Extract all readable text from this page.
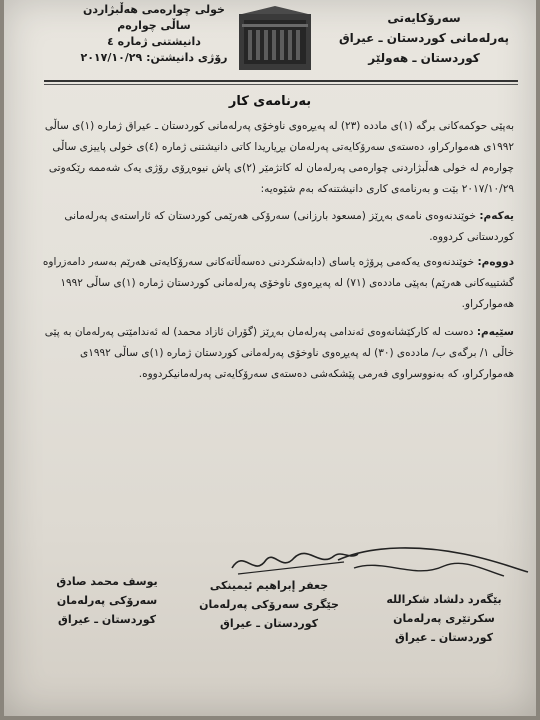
سەرۆکایەتی
پەرلەمانی کوردستان ـ عیراق
کوردستان ـ هەولێر
خولی چوارەمی هەڵبژاردن
ساڵی چوارەم
دانیشتنی ژمارە ٤
رۆژی دانیشتن: ٢٠١٧/١٠/٢٩
بەرنامەی کار
بەپێی حوکمەکانی برگە (١)ی ماددە (٢٣) لە پەیڕەوی ناوخۆی پەرلەمانی کوردستان ـ عیراق ژمارە (١)ی ساڵی ١٩٩٢ی هەموارکراو، دەستەی سەرۆکایەتی پەرلەمان بڕیاریدا کاتی دانیشتنی ژمارە (٤)ی خولی پاییزی ساڵی چوارەم لە خولی هەڵبژاردنی چوارەمی پەرلەمان لە کاتژمێر (٢)ی پاش نیوەڕۆی رۆژی یەک شەممە رێکەوتی ٢٠١٧/١٠/٢٩ بێت و بەرنامەی کاری دانیشتنەکە بەم شێوەیە:
یەکەم: خوێندنەوەی نامەی بەڕێز (مسعود بارزانی) سەرۆکی هەرێمی کوردستان کە ئاراستەی پەرلەمانی کوردستانی کردووە.
دووەم: خوێندنەوەی یەکەمی پرۆژە یاسای (دابەشکردنی دەسەڵاتەکانی سەرۆکایەتی هەرێم بەسەر دامەزراوە گشتییەکانی هەرێم) بەپێی ماددەی (٧١) لە پەیڕەوی ناوخۆی پەرلەمانی کوردستان ژمارە (١)ی ساڵی ١٩٩٢ هەموارکراو.
سێیەم: دەست لە کارکێشانەوەی ئەندامی پەرلەمان بەڕێز (گۆران ئازاد محمد) لە ئەندامێتی پەرلەمان بە پێی خاڵی ١/ برگەی ب/ ماددەی (٣٠) لە پەیڕەوی ناوخۆی پەرلەمانی کوردستان ژمارە (١)ی ساڵی ١٩٩٢ی هەموارکراو، کە بەنووسراوی فەرمی پێشکەشی دەستەی سەرۆکایەتی پەرلەمانیکردووە.
یوسف محمد صادق
سەرۆکی پەرلەمان
کوردستان ـ عیراق
جعفر إبراهیم ئیمینکی
جێگری سەرۆکی پەرلەمان
کوردستان ـ عیراق
بێگەرد دلشاد شکرالله
سکرتێری پەرلەمان
کوردستان ـ عیراق
